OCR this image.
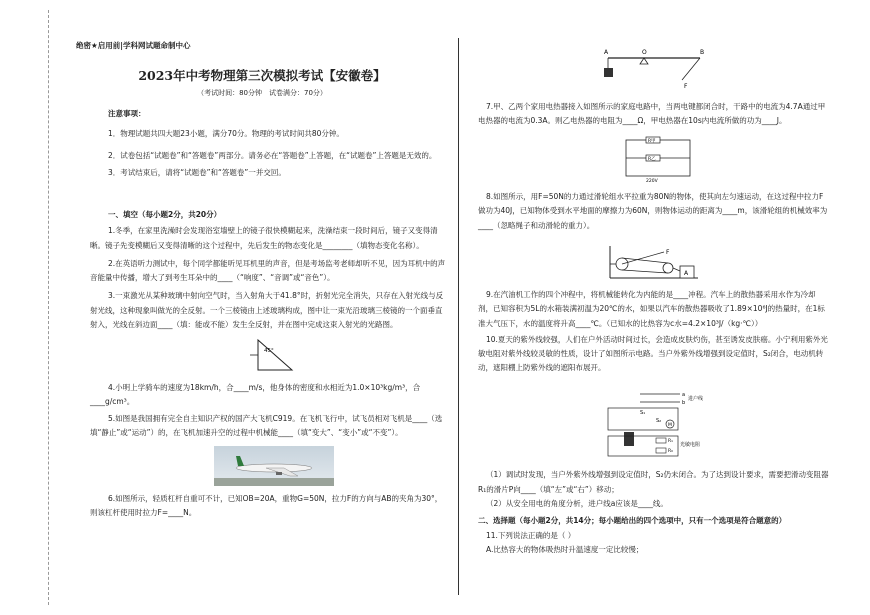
绝密★启用前|学科网试题命制中心
2023年中考物理第三次模拟考试【安徽卷】
（考试时间：80分钟　试卷满分：70分）

注意事项：

1．物理试题共四大题23小题，满分70分。物理的考试时间共80分钟。

2．试卷包括“试题卷”和“答题卷”两部分。请务必在“答题卷”上答题，在“试题卷”上答题是无效的。

3．考试结束后，请将“试题卷”和“答题卷”一并交回。

一、填空（每小题2分，共20分）

1.冬季，在家里洗澡时会发现浴室墙壁上的镜子很快模糊起来，洗澡结束一段时间后，镜子又变得清晰。镜子先变模糊后又变得清晰的这个过程中，先后发生的物态变化是________（填物态变化名称）。

2.在英语听力测试中，每个同学都能听见耳机里的声音，但是考场监考老师却听不见，因为耳机中的声音能量中传播，增大了到考生耳朵中的____（“响度”、“音调”或“音色”）。

3.一束激光从某种玻璃中射向空气时，当入射角大于41.8°时，折射光完全消失，只存在入射光线与反射光线，这种现象叫做光的全反射。一个三棱镜由上述玻璃构成，图中让一束光沿玻璃三棱镜的一个面垂直射入，光线在斜边面____（填：能或不能）发生全反射，并在图中完成这束入射光的光路图。

45°

4.小明上学骑车的速度为18km/h，合____m/s，他身体的密度和水相近为1.0×10³kg/m³，合____g/cm³。

5.如图是我国拥有完全自主知识产权的国产大飞机C919。在飞机飞行中，试飞员相对飞机是____（选填“静止”或“运动”）的，在飞机加速升空的过程中机械能____（填“变大”、“变小”或“不变”）。

6.如图所示，轻质杠杆自重可不计，已知OB=20A，重物G=50N，拉力F的方向与AB的夹角为30°，则该杠杆使用时拉力F=____N。

A	O	B
F

7.甲、乙两个家用电热器接入如图所示的家庭电路中，当两电键都闭合时，干路中的电流为4.7A通过甲电热器的电流为0.3A。则乙电热器的电阻为____Ω，甲电热器在10s内电流所做的功为____J。

R甲
R乙
220V

8.如图所示，用F=50N的力通过滑轮组水平拉重为80N的物体，使其向左匀速运动，在这过程中拉力F做功为40J，已知物体受到水平地面的摩擦力为60N，则物体运动的距离为____m，该滑轮组的机械效率为____（忽略绳子和动滑轮的重力）。

A
F

9.在汽油机工作的四个冲程中，将机械能转化为内能的是____冲程。汽车上的散热器采用水作为冷却剂，已知容积为5L的水箱装满初温为20℃的水，如果以汽车的散热器吸收了1.89×10⁶J的热量时，在1标准大气压下，水的温度将升高____℃。（已知水的比热容为c水=4.2×10³J/（kg·℃））

10.夏天的紫外线较强，人们在户外活动时间过长，会造成皮肤灼伤，甚至诱发皮肤癌。小宁利用紫外光敏电阻对紫外线较灵敏的性质，设计了如图所示电路。当户外紫外线增强到设定值时，S₂闭合，电动机转动，遮阳棚上防紫外线的遮阳布展开。

a
b
进户线
S₁
S₂
M
R₁
R₀
光敏电阻

（1）调试时发现，当户外紫外线增强到设定值时，S₂仍未闭合。为了达到设计要求，需要把滑动变阻器R₁的滑片P向____（填“左”或“右”）移动；

（2）从安全用电的角度分析，进户线a应该是____线。

二、选择题（每小题2分，共14分；每小题给出的四个选项中，只有一个选项是符合题意的）

11.下列说法正确的是（ ）

A.比热容大的物体吸热时升温速度一定比较慢；
